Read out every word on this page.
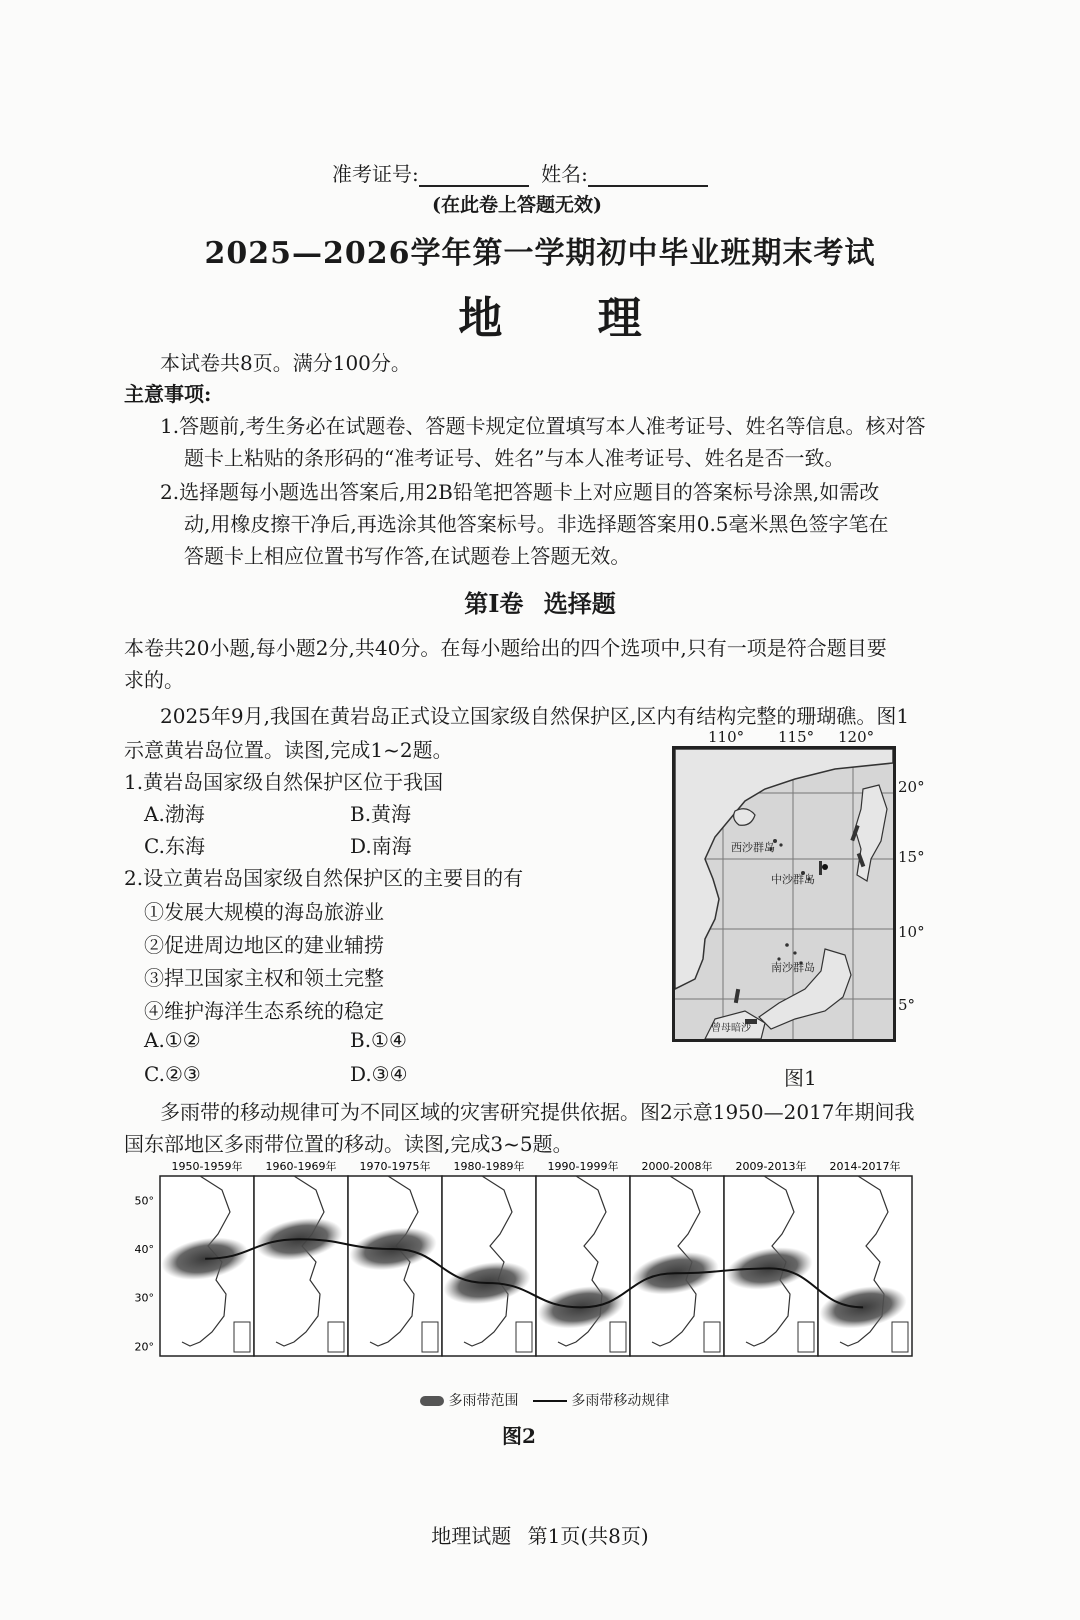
准考证号:	姓名:
(在此卷上答题无效)
2025—2026学年第一学期初中毕业班期末考试
地 理
本试卷共8页。满分100分。
主意事项:
1.答题前,考生务必在试题卷、答题卡规定位置填写本人准考证号、姓名等信息。核对答
题卡上粘贴的条形码的“准考证号、姓名”与本人准考证号、姓名是否一致。
2.选择题每小题选出答案后,用2B铅笔把答题卡上对应题目的答案标号涂黑,如需改
动,用橡皮擦干净后,再选涂其他答案标号。非选择题答案用0.5毫米黑色签字笔在
答题卡上相应位置书写作答,在试题卷上答题无效。
第Ⅰ卷 选择题
本卷共20小题,每小题2分,共40分。在每小题给出的四个选项中,只有一项是符合题目要
求的。
2025年9月,我国在黄岩岛正式设立国家级自然保护区,区内有结构完整的珊瑚礁。图1
示意黄岩岛位置。读图,完成1~2题。
1.黄岩岛国家级自然保护区位于我国
A.渤海	B.黄海
C.东海	D.南海
2.设立黄岩岛国家级自然保护区的主要目的有
①发展大规模的海岛旅游业
②促进周边地区的建业辅捞
③捍卫国家主权和领土完整
④维护海洋生态系统的稳定
A.①②	B.①④
C.②③	D.③④
110° 115° 120°
西沙群岛
中沙群岛
南沙群岛
曾母暗沙
20°
15°
10°
5°
图1
多雨带的移动规律可为不同区域的灾害研究提供依据。图2示意1950—2017年期间我
国东部地区多雨带位置的移动。读图,完成3~5题。
1950-1959年 1960-1969年 1970-1975年 1980-1989年 1990-1999年 2000-2008年 2009-2013年 2014-2017年
50°
40°
30°
20°
多雨带范围	多雨带移动规律
图2
地理试题 第1页(共8页)
